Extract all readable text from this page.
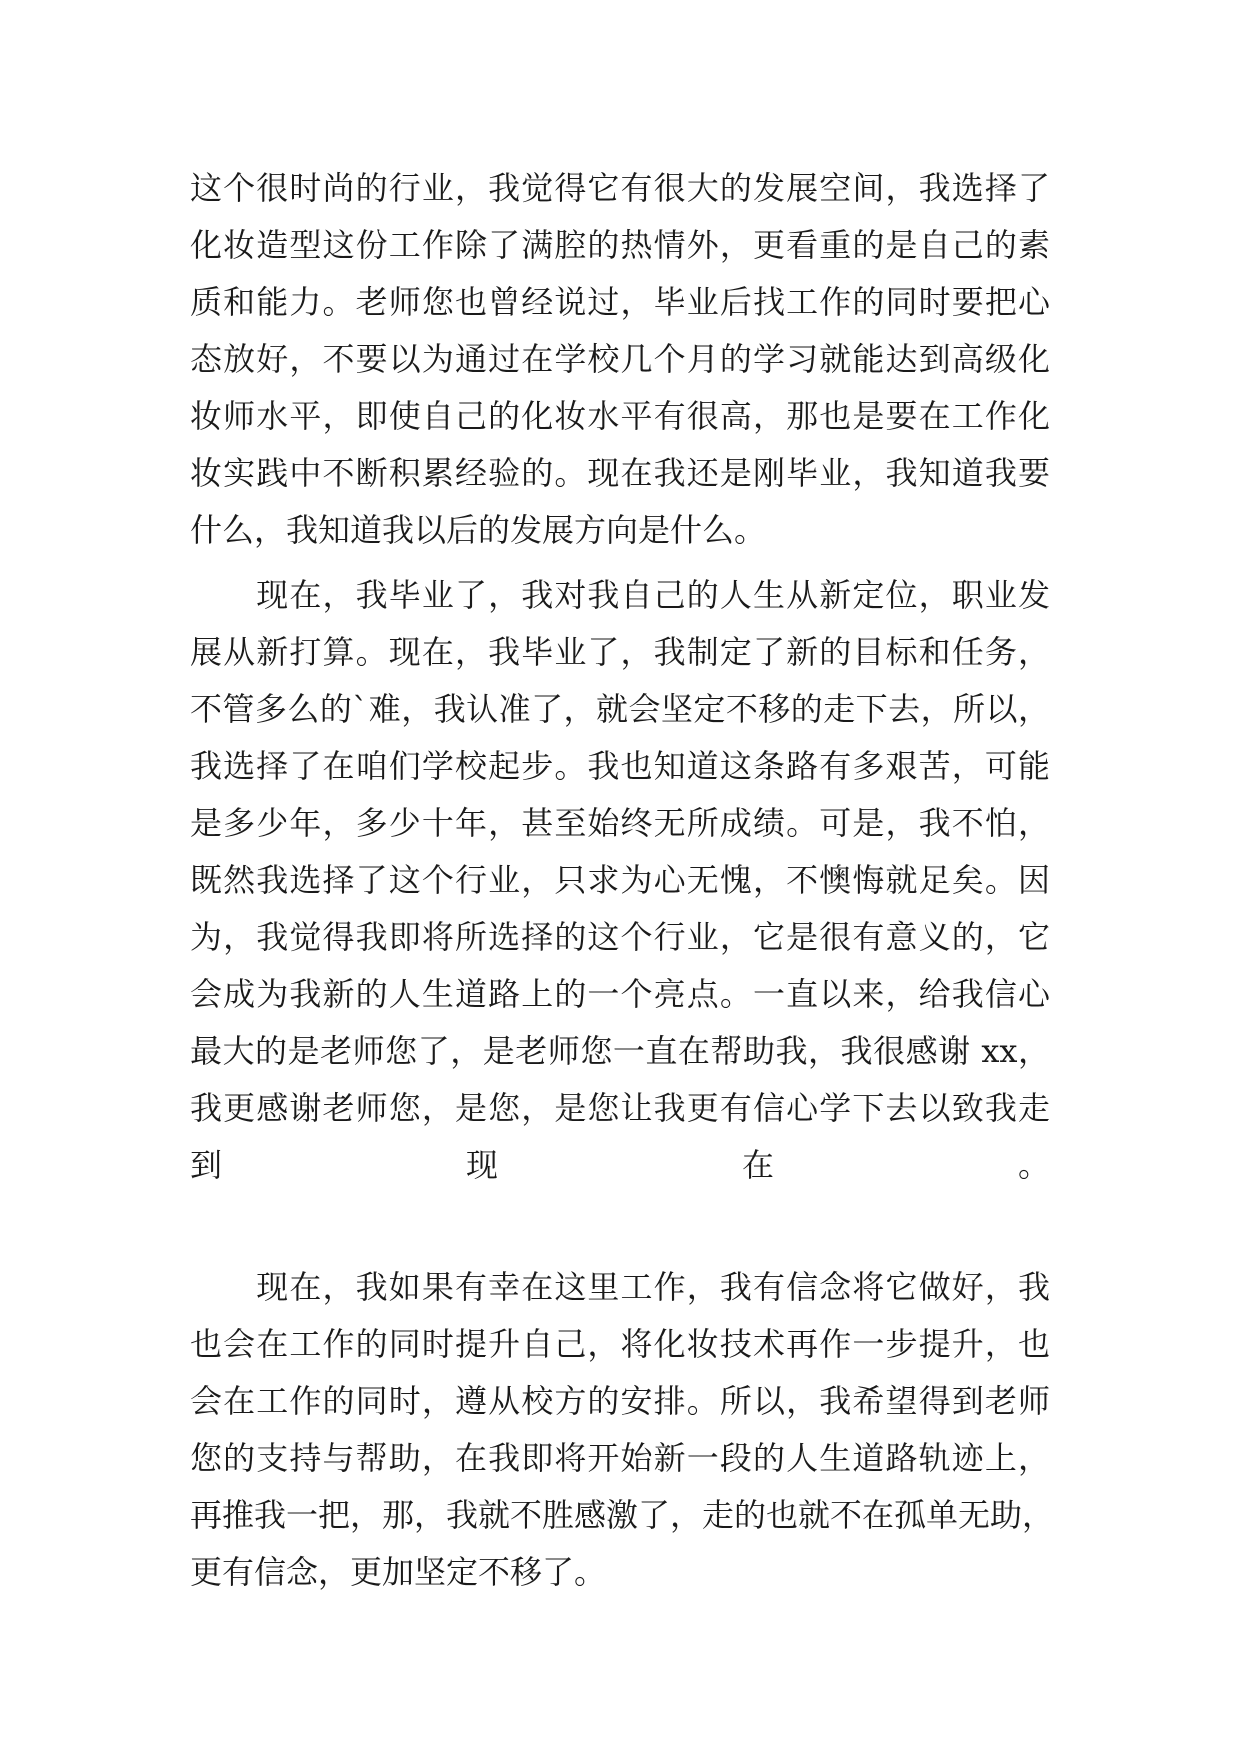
这个很时尚的行业，我觉得它有很大的发展空间，我选择了
化妆造型这份工作除了满腔的热情外，更看重的是自己的素
质和能力。老师您也曾经说过，毕业后找工作的同时要把心
态放好，不要以为通过在学校几个月的学习就能达到高级化
妆师水平，即使自己的化妆水平有很高，那也是要在工作化
妆实践中不断积累经验的。现在我还是刚毕业，我知道我要
什么，我知道我以后的发展方向是什么。

　　现在，我毕业了，我对我自己的人生从新定位，职业发
展从新打算。现在，我毕业了，我制定了新的目标和任务，
不管多么的`难，我认准了，就会坚定不移的走下去，所以，
我选择了在咱们学校起步。我也知道这条路有多艰苦，可能
是多少年，多少十年，甚至始终无所成绩。可是，我不怕，
既然我选择了这个行业，只求为心无愧，不懊悔就足矣。因
为，我觉得我即将所选择的这个行业，它是很有意义的，它
会成为我新的人生道路上的一个亮点。一直以来，给我信心
最大的是老师您了，是老师您一直在帮助我，我很感谢 xx，
我更感谢老师您，是您，是您让我更有信心学下去以致我走
到现在。

　　现在，我如果有幸在这里工作，我有信念将它做好，我
也会在工作的同时提升自己，将化妆技术再作一步提升，也
会在工作的同时，遵从校方的安排。所以，我希望得到老师
您的支持与帮助，在我即将开始新一段的人生道路轨迹上，
再推我一把，那，我就不胜感激了，走的也就不在孤单无助，
更有信念，更加坚定不移了。
